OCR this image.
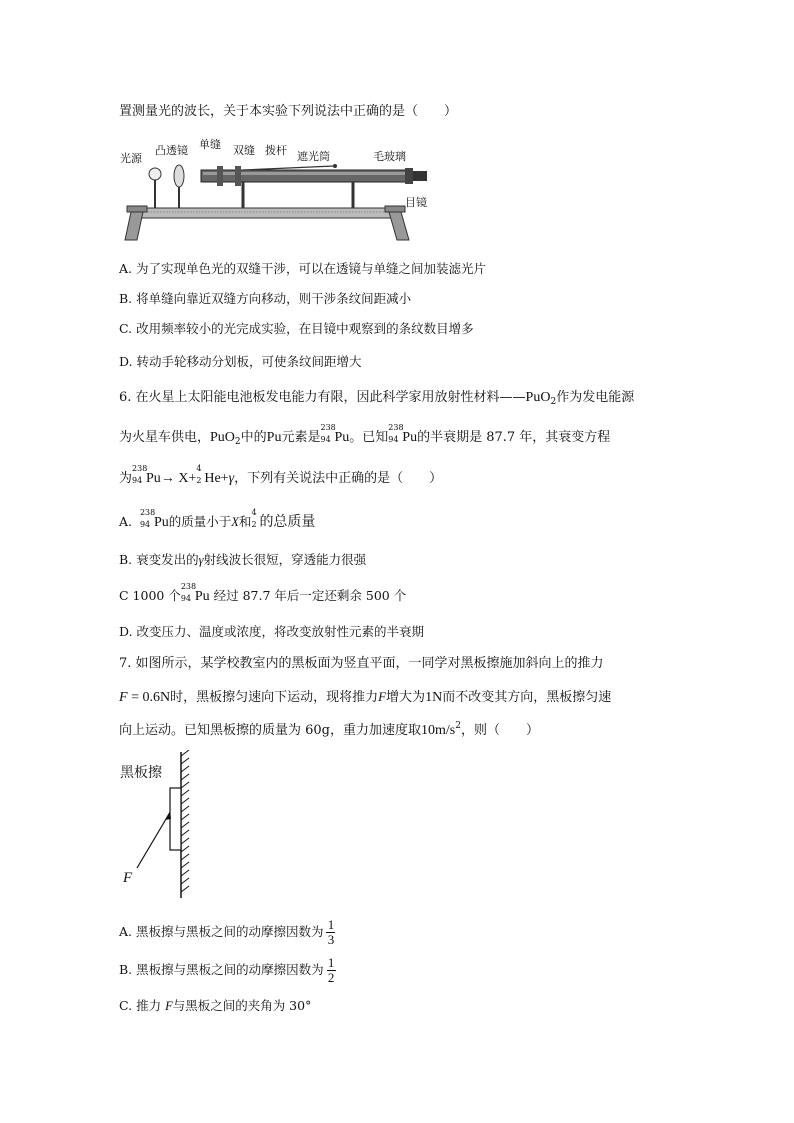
置测量光的波长，关于本实验下列说法中正确的是（　　）
光源
凸透镜 单缝 双缝 拨杆 遮光筒	毛玻璃
目镜
A. 为了实现单色光的双缝干涉，可以在透镜与单缝之间加装滤光片
B. 将单缝向靠近双缝方向移动，则干涉条纹间距减小
C. 改用频率较小的光完成实验，在目镜中观察到的条纹数目增多
D. 转动手轮移动分划板，可使条纹间距增大
6. 在火星上太阳能电池板发电能力有限，因此科学家用放射性材料——PuO$_2$作为发电能源
为火星车供电，PuO$_2$中的Pu元素是
238
94 Pu。已知
238
94 Pu的半衰期是 87.7 年，其衰变方程
为
238
94 Pu→ X+
4
2 He+γ，下列有关说法中正确的是（　　）
A.
238
94 Pu的质量小于X和
4
2 的总质量
B. 衰变发出的γ射线波长很短，穿透能力很强
C 1000 个
238
94 Pu 经过 87.7 年后一定还剩余 500 个
D. 改变压力、温度或浓度，将改变放射性元素的半衰期
7. 如图所示，某学校教室内的黑板面为竖直平面，一同学对黑板擦施加斜向上的推力
F = 0.6N时，黑板擦匀速向下运动，现将推力F增大为1N而不改变其方向，黑板擦匀速
向上运动。已知黑板擦的质量为 60g，重力加速度取$10m/s^2$，则（　　）
黑板擦
F
A. 黑板擦与黑板之间的动摩擦因数为 $\frac{1}{3}$
B. 黑板擦与黑板之间的动摩擦因数为 $\frac{1}{2}$
C. 推力 F与黑板之间的夹角为 30°
